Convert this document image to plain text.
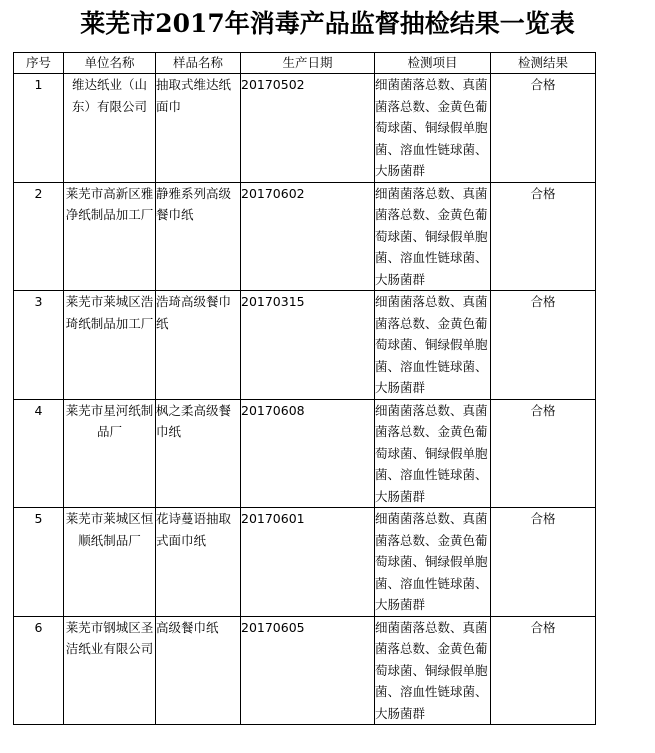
莱芜市2017年消毒产品监督抽检结果一览表
序号	单位名称	样品名称	生产日期	检测项目	检测结果

1	维达纸业（山东）有限公司	抽取式维达纸面巾	20170502	细菌菌落总数、真菌菌落总数、金黄色葡萄球菌、铜绿假单胞菌、溶血性链球菌、大肠菌群	合格

2	莱芜市高新区雅净纸制品加工厂	静雅系列高级餐巾纸	20170602	细菌菌落总数、真菌菌落总数、金黄色葡萄球菌、铜绿假单胞菌、溶血性链球菌、大肠菌群	合格

3	莱芜市莱城区浩琦纸制品加工厂	浩琦高级餐巾纸	20170315	细菌菌落总数、真菌菌落总数、金黄色葡萄球菌、铜绿假单胞菌、溶血性链球菌、大肠菌群	合格

4	莱芜市星河纸制品厂	枫之柔高级餐巾纸	20170608	细菌菌落总数、真菌菌落总数、金黄色葡萄球菌、铜绿假单胞菌、溶血性链球菌、大肠菌群	合格

5	莱芜市莱城区恒顺纸制品厂	花诗蔓语抽取式面巾纸	20170601	细菌菌落总数、真菌菌落总数、金黄色葡萄球菌、铜绿假单胞菌、溶血性链球菌、大肠菌群	合格

6	莱芜市钢城区圣洁纸业有限公司	高级餐巾纸	20170605	细菌菌落总数、真菌菌落总数、金黄色葡萄球菌、铜绿假单胞菌、溶血性链球菌、大肠菌群	合格
